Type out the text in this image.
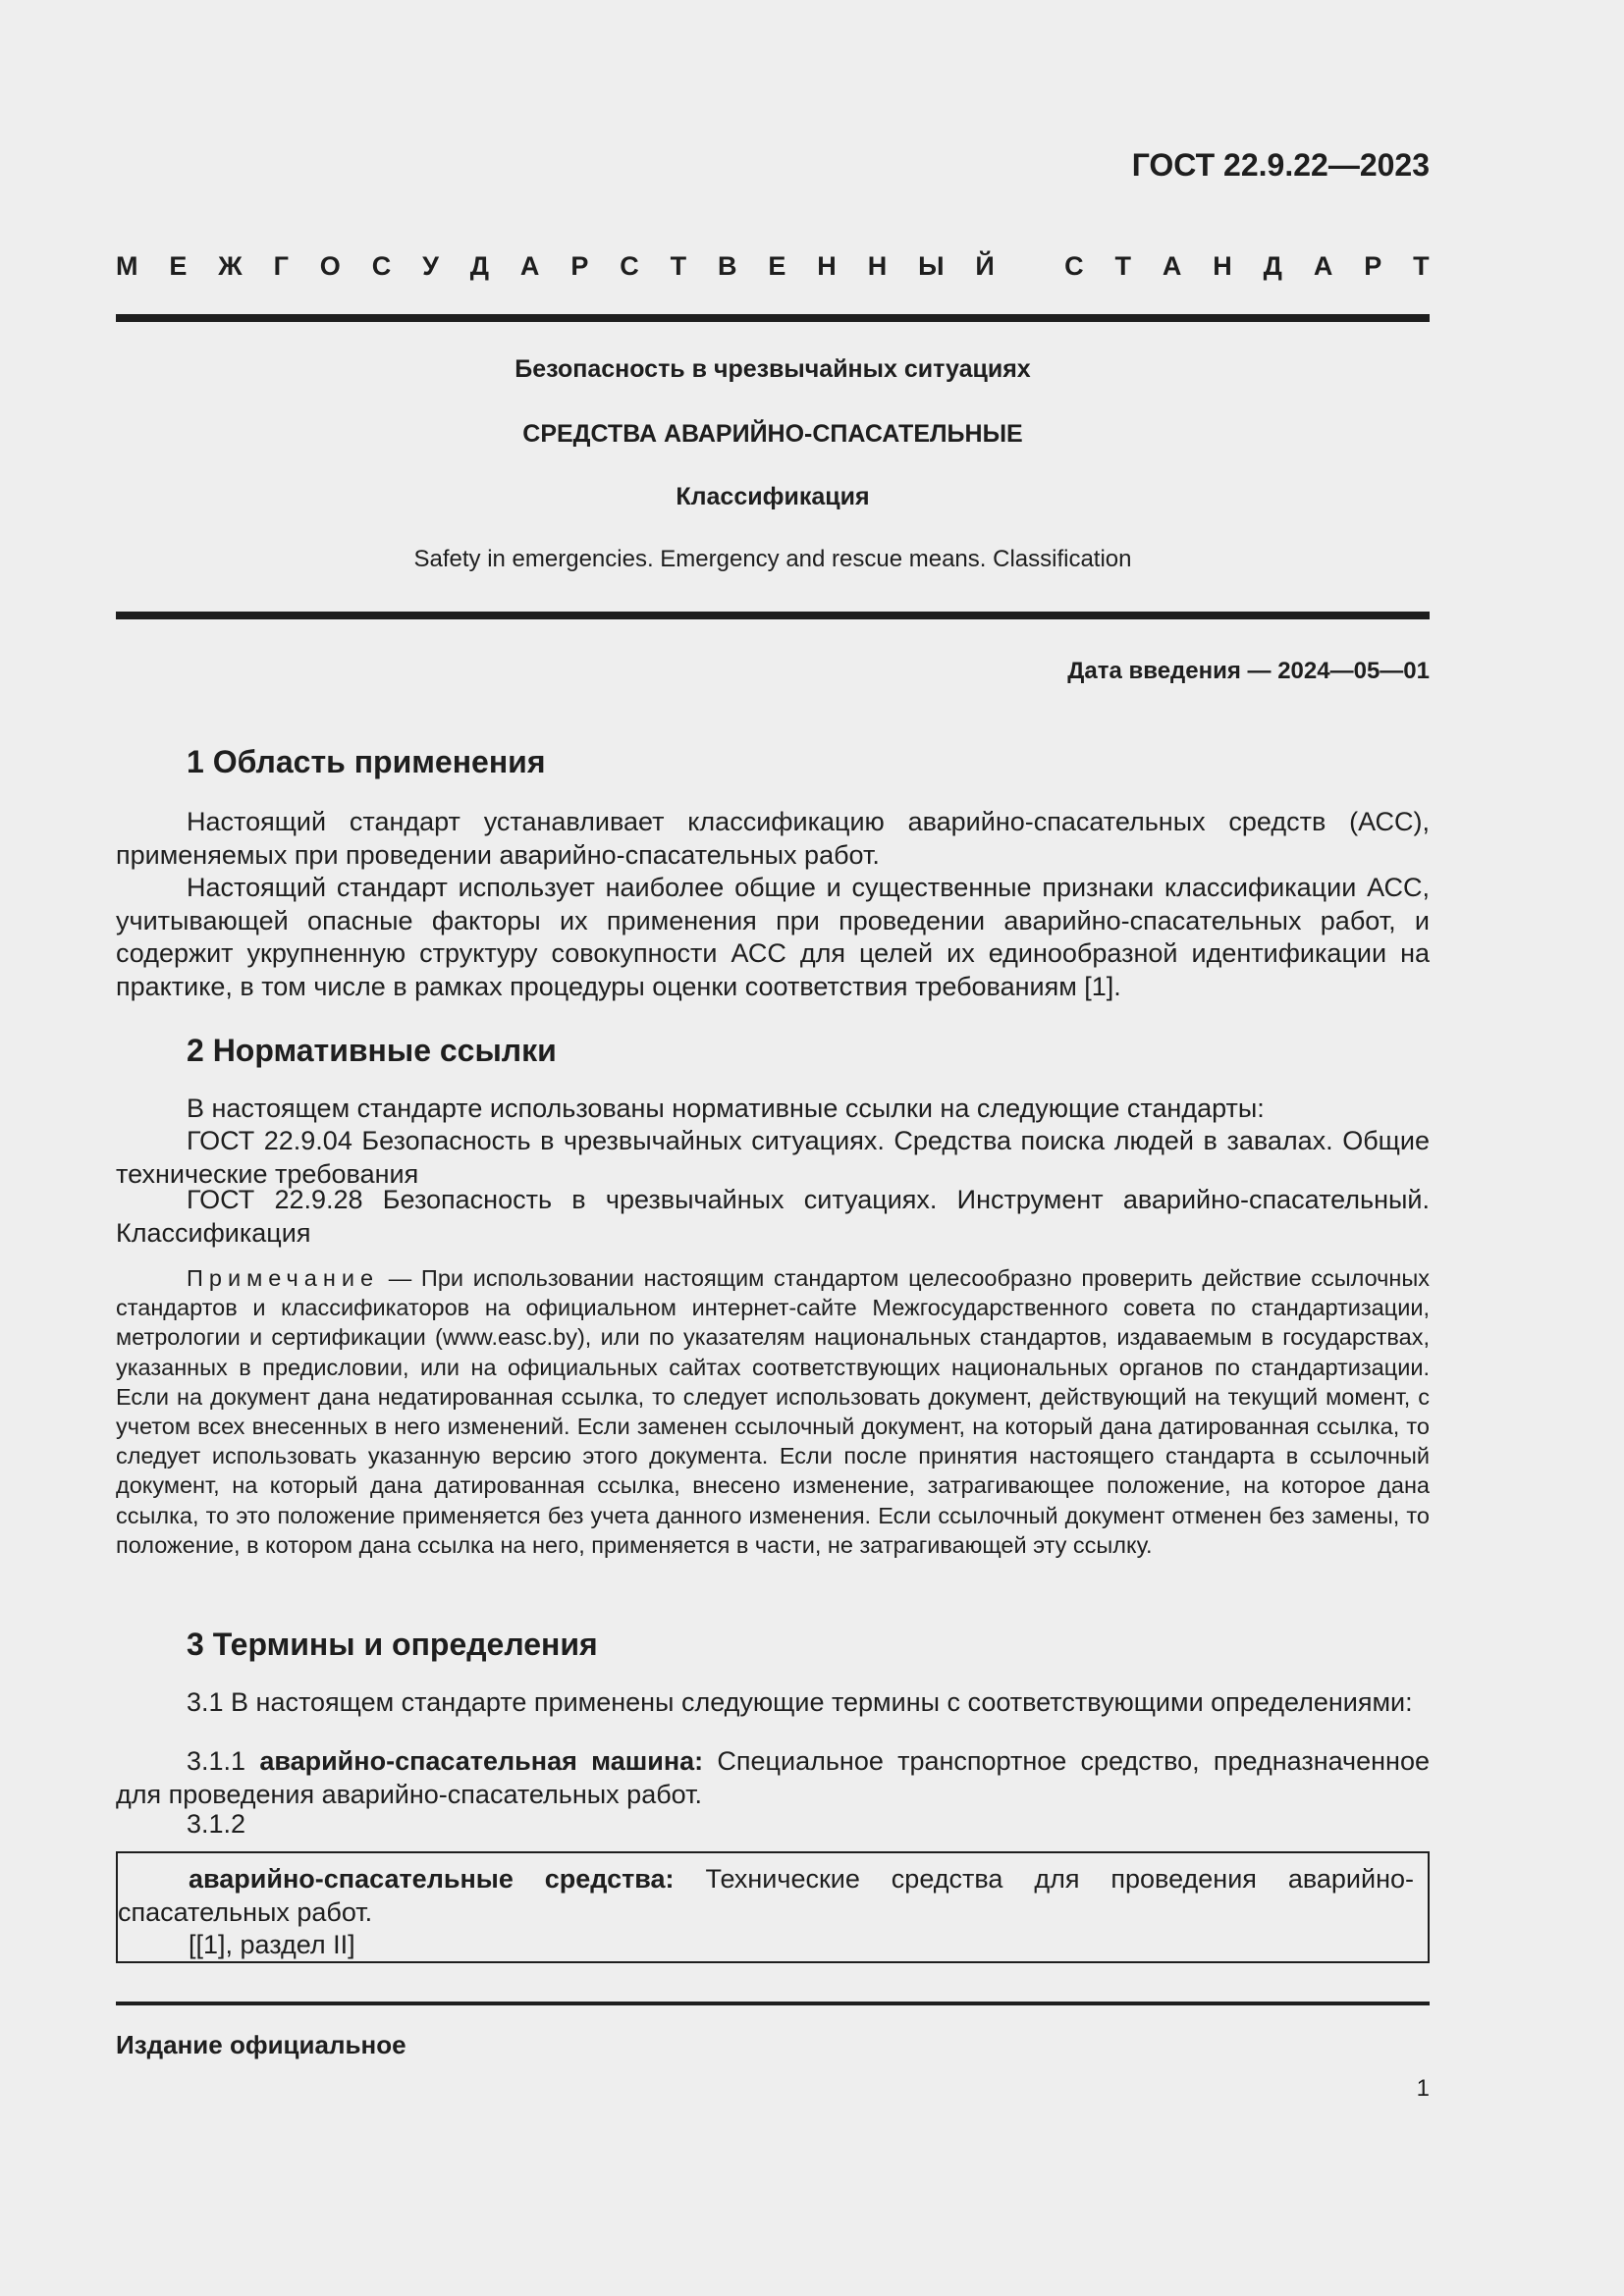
ГОСТ 22.9.22—2023
М Е Ж Г О С У Д А Р С Т В Е Н Н Ы Й
	С Т А Н Д А Р Т
Безопасность в чрезвычайных ситуациях
СРЕДСТВА АВАРИЙНО-СПАСАТЕЛЬНЫЕ
Классификация
Safety in emergencies. Emergency and rescue means. Classification
Дата введения — 2024—05—01
1 Область применения

Настоящий стандарт устанавливает классификацию аварийно-спасательных средств (АСС), применяемых при проведении аварийно-спасательных работ.

Настоящий стандарт использует наиболее общие и существенные признаки классификации АСС, учитывающей опасные факторы их применения при проведении аварийно-спасательных работ, и содержит укрупненную структуру совокупности АСС для целей их единообразной идентификации на практике, в том числе в рамках процедуры оценки соответствия требованиям [1].

2 Нормативные ссылки

В настоящем стандарте использованы нормативные ссылки на следующие стандарты:

ГОСТ 22.9.04 Безопасность в чрезвычайных ситуациях. Средства поиска людей в завалах. Общие технические требования

ГОСТ 22.9.28 Безопасность в чрезвычайных ситуациях. Инструмент аварийно-спасательный. Классификация

Примечание — При использовании настоящим стандартом целесообразно проверить действие ссылочных стандартов и классификаторов на официальном интернет-сайте Межгосударственного совета по стандартизации, метрологии и сертификации (www.easc.by), или по указателям национальных стандартов, издаваемым в государствах, указанных в предисловии, или на официальных сайтах соответствующих национальных органов по стандартизации. Если на документ дана недатированная ссылка, то следует использовать документ, действующий на текущий момент, с учетом всех внесенных в него изменений. Если заменен ссылочный документ, на который дана датированная ссылка, то следует использовать указанную версию этого документа. Если после принятия настоящего стандарта в ссылочный документ, на который дана датированная ссылка, внесено изменение, затрагивающее положение, на которое дана ссылка, то это положение применяется без учета данного изменения. Если ссылочный документ отменен без замены, то положение, в котором дана ссылка на него, применяется в части, не затрагивающей эту ссылку.

3 Термины и определения

3.1 В настоящем стандарте применены следующие термины с соответствующими определениями:

3.1.1 аварийно-спасательная машина: Специальное транспортное средство, предназначенное для проведения аварийно-спасательных работ.

3.1.2

аварийно-спасательные средства: Технические средства для проведения аварийно-спасательных работ.

[[1], раздел II]

Издание официальное
1
